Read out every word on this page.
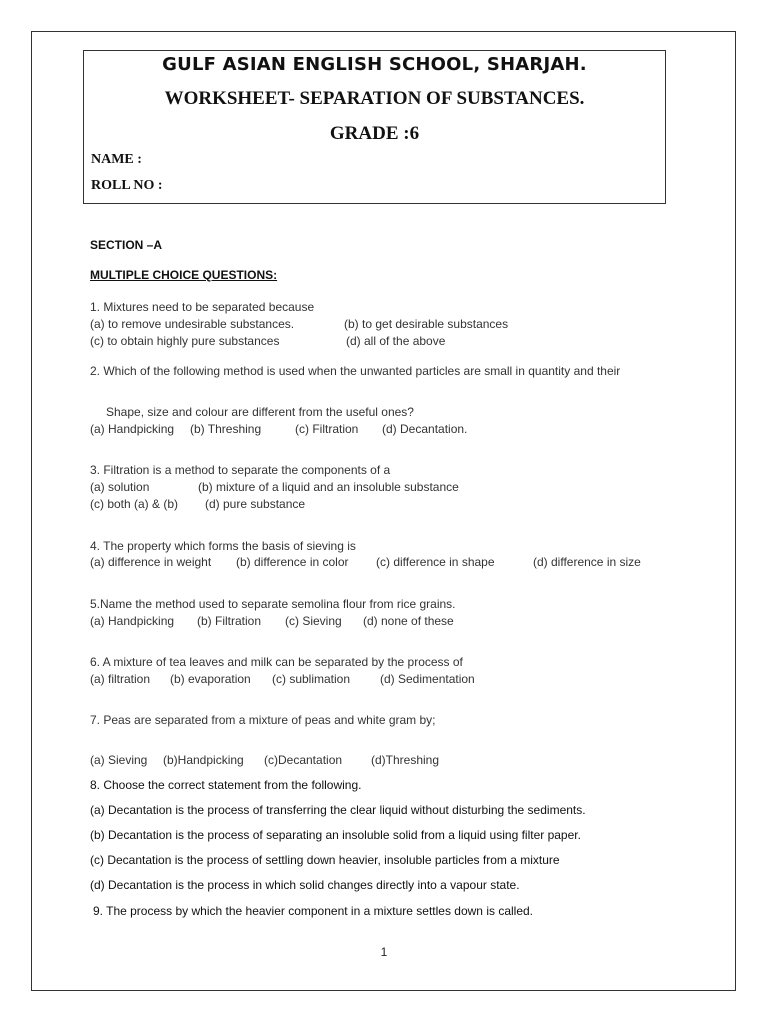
GULF ASIAN ENGLISH SCHOOL, SHARJAH.
WORKSHEET- SEPARATION OF SUBSTANCES.
GRADE :6
NAME :
ROLL NO :
SECTION –A
MULTIPLE CHOICE QUESTIONS:
1. Mixtures need to be separated because
(a) to remove undesirable substances.	(b) to get desirable substances
(c) to obtain highly pure substances	(d) all of the above
2. Which of the following method is used when the unwanted particles are small in quantity and their
Shape, size and colour are different from the useful ones?
(a) Handpicking (b) Threshing	(c) Filtration (d) Decantation.
3. Filtration is a method to separate the components of a
(a) solution	(b) mixture of a liquid and an insoluble substance
(c) both (a) & (b) (d) pure substance
4. The property which forms the basis of sieving is
(a) difference in weight (b) difference in color (c) difference in shape	(d) difference in size
5.Name the method used to separate semolina flour from rice grains.
(a) Handpicking (b) Filtration (c) Sieving (d) none of these
6. A mixture of tea leaves and milk can be separated by the process of
(a) filtration (b) evaporation (c) sublimation (d) Sedimentation
7. Peas are separated from a mixture of peas and white gram by;
(a) Sieving (b)Handpicking (c)Decantation (d)Threshing
8. Choose the correct statement from the following.
(a) Decantation is the process of transferring the clear liquid without disturbing the sediments.
(b) Decantation is the process of separating an insoluble solid from a liquid using filter paper.
(c) Decantation is the process of settling down heavier, insoluble particles from a mixture
(d) Decantation is the process in which solid changes directly into a vapour state.
9. The process by which the heavier component in a mixture settles down is called.
1
